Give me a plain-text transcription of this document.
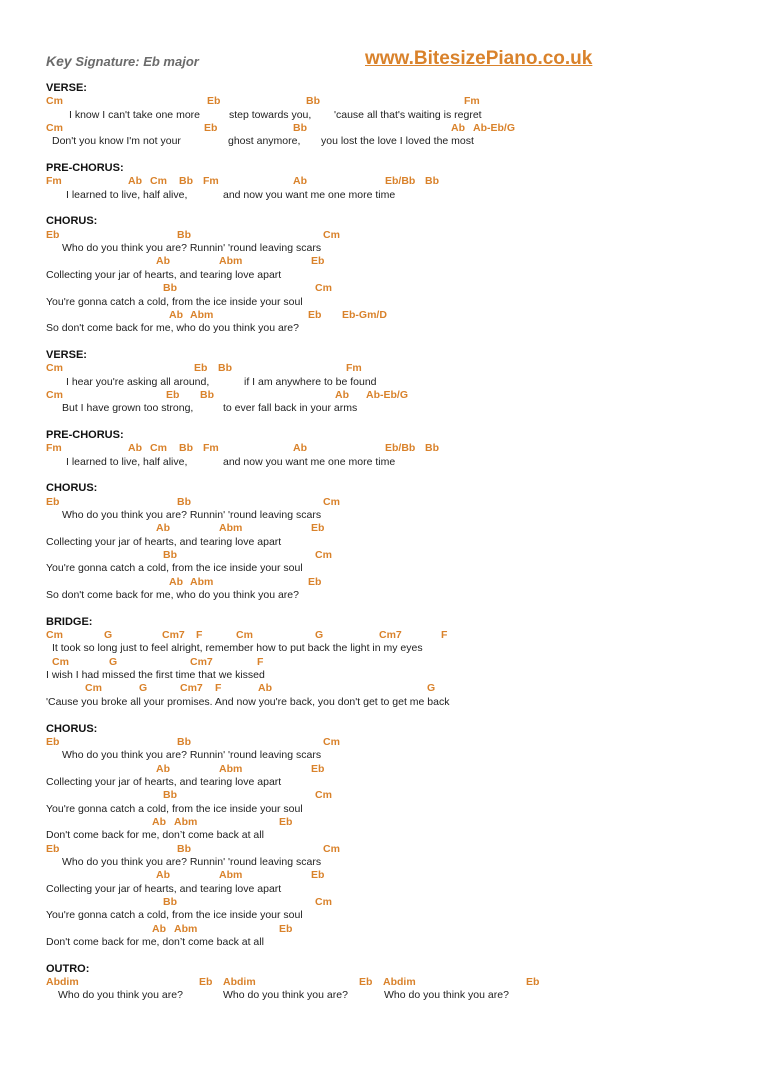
Key Signature: Eb major	www.BitesizePiano.co.uk
VERSE:
Cm	Eb	Bb	Fm
I know I can't take one more	step towards you, 'cause all that's waiting is regret
Cm	Eb	Bb	Ab Ab-Eb/G
Don't you know I'm not your	ghost anymore, you lost the love I loved the most
PRE-CHORUS:
Fm	Ab Cm Bb Fm	Ab	Eb/Bb Bb
I learned to live, half alive,	and now you want me one more time
CHORUS:
Eb	Bb	Cm
Who do you think you are? Runnin' 'round leaving scars
Ab	Abm	Eb
Collecting your jar of hearts, and tearing love apart
Bb	Cm
You're gonna catch a cold, from the ice inside your soul
Ab Abm	Eb Eb-Gm/D
So don't come back for me, who do you think you are?
VERSE:
Cm	Eb Bb	Fm
I hear you're asking all around,	if I am anywhere to be found
Cm	Eb Bb	Ab Ab-Eb/G
But I have grown too strong,	to ever fall back in your arms
PRE-CHORUS:
Fm	Ab Cm Bb Fm	Ab	Eb/Bb Bb
I learned to live, half alive,	and now you want me one more time
CHORUS:
Eb	Bb	Cm
Who do you think you are? Runnin' 'round leaving scars
Ab	Abm	Eb
Collecting your jar of hearts, and tearing love apart
Bb	Cm
You're gonna catch a cold, from the ice inside your soul
Ab Abm	Eb
So don't come back for me, who do you think you are?
BRIDGE:
Cm	G	Cm7 F	Cm	G	Cm7	F
It took so long just to feel alright, remember how to put back the light in my eyes
Cm	G	Cm7	F
I wish I had missed the first time that we kissed
Cm	G	Cm7 F	Ab	G
'Cause you broke all your promises. And now you're back, you don't get to get me back
CHORUS:
Eb	Bb	Cm
Who do you think you are? Runnin' 'round leaving scars
Ab	Abm	Eb
Collecting your jar of hearts, and tearing love apart
Bb	Cm
You're gonna catch a cold, from the ice inside your soul
Ab Abm	Eb
Don't come back for me, don’t come back at all
Eb	Bb	Cm
Who do you think you are? Runnin' 'round leaving scars
Ab	Abm	Eb
Collecting your jar of hearts, and tearing love apart
Bb	Cm
You're gonna catch a cold, from the ice inside your soul
Ab Abm	Eb
Don't come back for me, don’t come back at all
OUTRO:
Abdim	Eb Abdim	Eb Abdim	Eb
Who do you think you are?	Who do you think you are?	Who do you think you are?
